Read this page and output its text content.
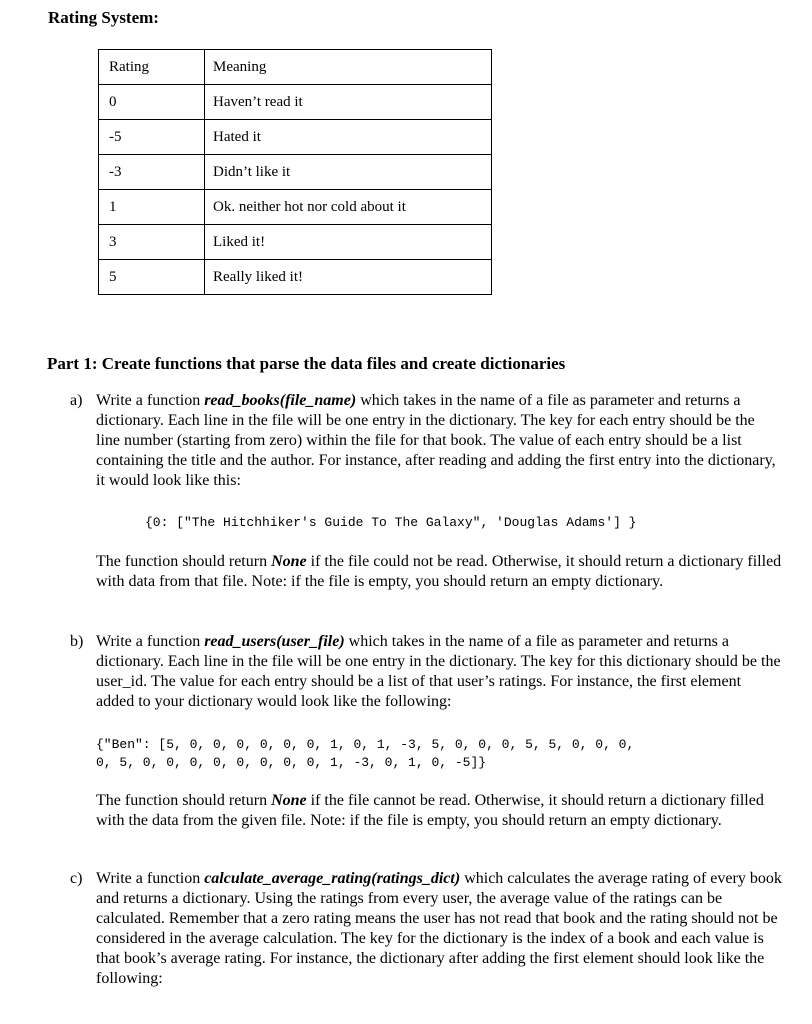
Rating System:
Rating	Meaning
0	Haven’t read it
-5	Hated it
-3	Didn’t like it
1	Ok. neither hot nor cold about it
3	Liked it!
5	Really liked it!
Part 1: Create functions that parse the data files and create dictionaries
a) Write a function read_books(file_name) which takes in the name of a file as parameter and returns a dictionary. Each line in the file will be one entry in the dictionary. The key for each entry should be the line number (starting from zero) within the file for that book. The value of each entry should be a list containing the title and the author. For instance, after reading and adding the first entry into the dictionary, it would look like this:
{0: ["The Hitchhiker's Guide To The Galaxy", 'Douglas Adams'] }
The function should return None if the file could not be read. Otherwise, it should return a dictionary filled with data from that file. Note: if the file is empty, you should return an empty dictionary.
b) Write a function read_users(user_file) which takes in the name of a file as parameter and returns a dictionary. Each line in the file will be one entry in the dictionary. The key for this dictionary should be the user_id. The value for each entry should be a list of that user’s ratings. For instance, the first element added to your dictionary would look like the following:
{"Ben": [5, 0, 0, 0, 0, 0, 0, 1, 0, 1, -3, 5, 0, 0, 0, 5, 5, 0, 0, 0,
0, 5, 0, 0, 0, 0, 0, 0, 0, 0, 1, -3, 0, 1, 0, -5]}
The function should return None if the file cannot be read. Otherwise, it should return a dictionary filled with the data from the given file. Note: if the file is empty, you should return an empty dictionary.
c) Write a function calculate_average_rating(ratings_dict) which calculates the average rating of every book and returns a dictionary. Using the ratings from every user, the average value of the ratings can be calculated. Remember that a zero rating means the user has not read that book and the rating should not be considered in the average calculation. The key for the dictionary is the index of a book and each value is that book’s average rating. For instance, the dictionary after adding the first element should look like the following:
